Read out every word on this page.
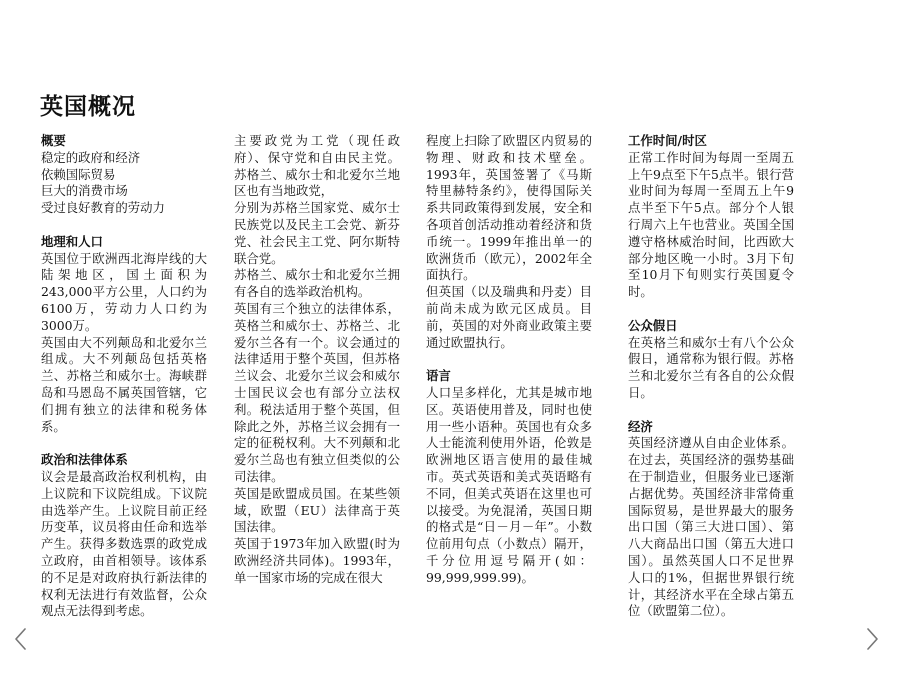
英国概况
概要
稳定的政府和经济
依赖国际贸易
巨大的消费市场
受过良好教育的劳动力
地理和人口
英国位于欧洲西北海岸线的大陆架地区，国土面积为243,000平方公里，人口约为6100万，劳动力人口约为3000万。
英国由大不列颠岛和北爱尔兰组成。大不列颠岛包括英格兰、苏格兰和威尔士。海峡群岛和马恩岛不属英国管辖，它们拥有独立的法律和税务体系。
政治和法律体系
议会是最高政治权利机构，由上议院和下议院组成。下议院由选举产生。上议院目前正经历变革，议员将由任命和选举产生。获得多数选票的政党成立政府，由首相领导。该体系的不足是对政府执行新法律的权利无法进行有效监督，公众观点无法得到考虑。
主要政党为工党（现任政府）、保守党和自由民主党。苏格兰、威尔士和北爱尔兰地区也有当地政党，
分别为苏格兰国家党、威尔士民族党以及民主工会党、新芬党、社会民主工党、阿尔斯特联合党。
苏格兰、威尔士和北爱尔兰拥有各自的选举政治机构。
英国有三个独立的法律体系，英格兰和威尔士、苏格兰、北爱尔兰各有一个。议会通过的法律适用于整个英国，但苏格兰议会、北爱尔兰议会和威尔士国民议会也有部分立法权利。税法适用于整个英国，但除此之外，苏格兰议会拥有一定的征税权利。大不列颠和北爱尔兰岛也有独立但类似的公司法律。
英国是欧盟成员国。在某些领域，欧盟（EU）法律高于英国法律。
英国于1973年加入欧盟(时为欧洲经济共同体)。1993年，单一国家市场的完成在很大
程度上扫除了欧盟区内贸易的物理、财政和技术壁垒。1993年，英国签署了《马斯特里赫特条约》，使得国际关系共同政策得到发展，安全和各项首创活动推动着经济和货币统一。1999年推出单一的欧洲货币（欧元），2002年全面执行。
但英国（以及瑞典和丹麦）目前尚未成为欧元区成员。目前，英国的对外商业政策主要通过欧盟执行。
语言
人口呈多样化，尤其是城市地区。英语使用普及，同时也使用一些小语种。英国也有众多人士能流利使用外语，伦敦是欧洲地区语言使用的最佳城市。英式英语和美式英语略有不同，但美式英语在这里也可以接受。为免混淆，英国日期的格式是“日－月－年”。小数位前用句点（小数点）隔开，千分位用逗号隔开(如：99,999,999.99)。
工作时间/时区
正常工作时间为每周一至周五上午9点至下午5点半。银行营业时间为每周一至周五上午9点半至下午5点。部分个人银行周六上午也营业。英国全国遵守格林威治时间，比西欧大部分地区晚一小时。3月下旬至10月下旬则实行英国夏令时。
公众假日
在英格兰和威尔士有八个公众假日，通常称为银行假。苏格兰和北爱尔兰有各自的公众假日。
经济
英国经济遵从自由企业体系。在过去，英国经济的强势基础在于制造业，但服务业已逐渐占据优势。英国经济非常倚重国际贸易，是世界最大的服务出口国（第三大进口国）、第八大商品出口国（第五大进口国）。虽然英国人口不足世界人口的1%，但据世界银行统计，其经济水平在全球占第五位（欧盟第二位）。
